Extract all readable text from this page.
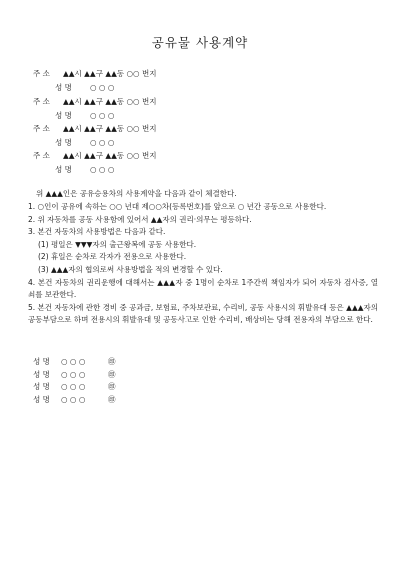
공유물 사용계약
주 소	▲▲시 ▲▲구 ▲▲동 ○○ 번지
성 명	○ ○ ○
주 소	▲▲시 ▲▲구 ▲▲동 ○○ 번지
성 명	○ ○ ○
주 소	▲▲시 ▲▲구 ▲▲동 ○○ 번지
성 명	○ ○ ○
주 소	▲▲시 ▲▲구 ▲▲동 ○○ 번지
성 명	○ ○ ○
위 ▲▲▲인은 공유승용차의 사용계약을 다음과 같이 체결한다.
1. ○인이 공유에 속하는 ○○ 년대 제○○차(등록번호)를 앞으로 ○ 년간 공동으로 사용한다.
2. 위 자동차를 공동 사용함에 있어서 ▲▲자의 권리·의무는 평등하다.
3. 본건 자동차의 사용방법은 다음과 같다.
(1) 평일은 ▼▼▼자의 출근왕복에 공동 사용한다.
(2) 휴일은 순차로 각자가 전용으로 사용한다.
(3) ▲▲▲자의 협의로써 사용방법을 적의 변경할 수 있다.
4. 본건 자동차의 권리운행에 대해서는 ▲▲▲자 중 1명이 순차로 1주간씩 책임자가 되어 자동차 검사증, 열쇠를 보관한다.
5. 본건 자동차에 관한 경비 중 공과금, 보험료, 주차보관료, 수리비, 공동 사용시의 휘발유대 등은 ▲▲▲자의 공동부담으로 하며 전용시의 휘발유대 및 공동사고로 인한 수리비, 배상비는 당해 전용자의 부담으로 한다.
성 명	○ ○ ○	㊞
성 명	○ ○ ○	㊞
성 명	○ ○ ○	㊞
성 명	○ ○ ○	㊞
